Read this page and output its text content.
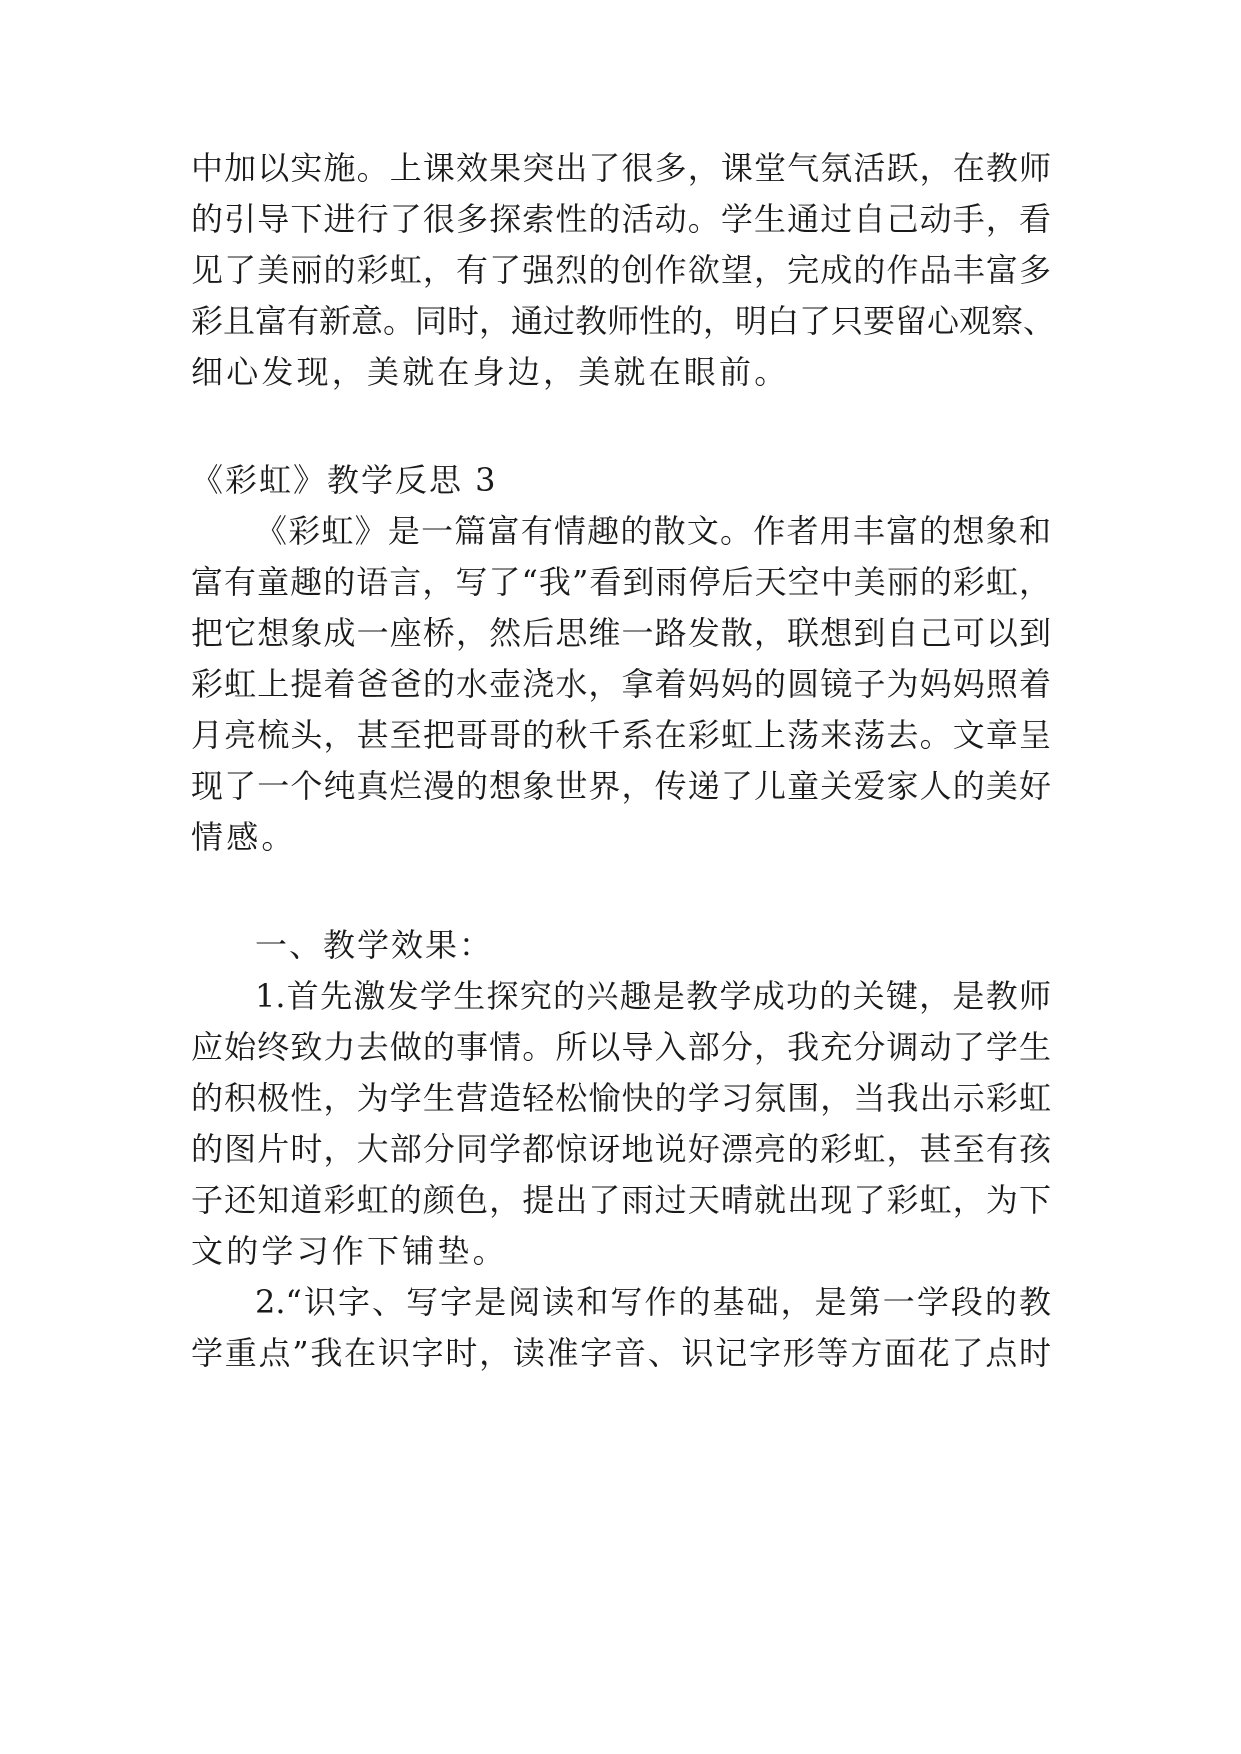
中加以实施。上课效果突出了很多，课堂气氛活跃，在教师
的引导下进行了很多探索性的活动。学生通过自己动手，看
见了美丽的彩虹，有了强烈的创作欲望，完成的作品丰富多
彩且富有新意。同时，通过教师性的，明白了只要留心观察、
细心发现，美就在身边，美就在眼前。
《彩虹》教学反思 3
《彩虹》是一篇富有情趣的散文。作者用丰富的想象和
富有童趣的语言，写了“我”看到雨停后天空中美丽的彩虹，
把它想象成一座桥，然后思维一路发散，联想到自己可以到
彩虹上提着爸爸的水壶浇水，拿着妈妈的圆镜子为妈妈照着
月亮梳头，甚至把哥哥的秋千系在彩虹上荡来荡去。文章呈
现了一个纯真烂漫的想象世界，传递了儿童关爱家人的美好
情感。
一、教学效果：
1.首先激发学生探究的兴趣是教学成功的关键，是教师
应始终致力去做的事情。所以导入部分，我充分调动了学生
的积极性，为学生营造轻松愉快的学习氛围，当我出示彩虹
的图片时，大部分同学都惊讶地说好漂亮的彩虹，甚至有孩
子还知道彩虹的颜色，提出了雨过天晴就出现了彩虹，为下
文的学习作下铺垫。
2.“识字、写字是阅读和写作的基础，是第一学段的教
学重点”我在识字时，读准字音、识记字形等方面花了点时
